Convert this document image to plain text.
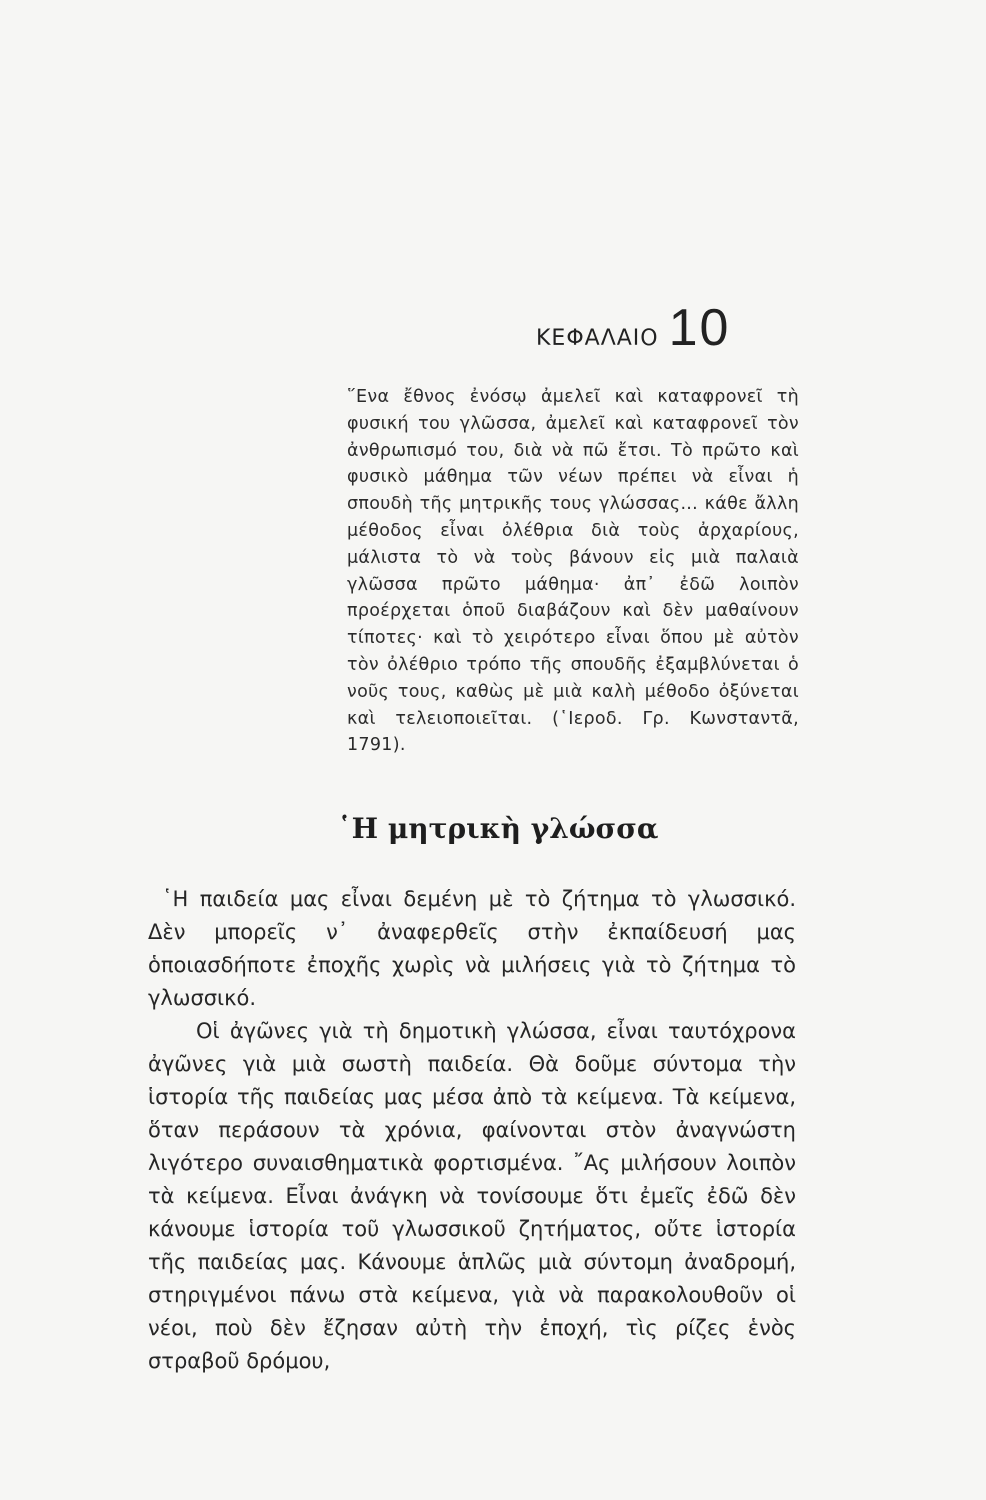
ΚΕΦΑΛΑΙΟ 10

῞Ενα ἔθνος ἐνόσῳ ἀμελεῖ καὶ καταφρονεῖ τὴ φυσική του γλῶσσα, ἀμελεῖ καὶ καταφρονεῖ τὸν ἀνθρωπισμό του, διὰ νὰ πῶ ἔτσι. Τὸ πρῶτο καὶ φυσικὸ μάθημα τῶν νέων πρέπει νὰ εἶναι ἡ σπουδὴ τῆς μητρικῆς τους γλώσσας... κάθε ἄλλη μέθοδος εἶναι ὀλέθρια διὰ τοὺς ἀρχαρίους, μάλιστα τὸ νὰ τοὺς βάνουν εἰς μιὰ παλαιὰ γλῶσσα πρῶτο μάθημα· ἀπ᾽ ἐδῶ λοιπὸν προέρχεται ὁποῦ διαβάζουν καὶ δὲν μαθαίνουν τίποτες· καὶ τὸ χειρότερο εἶναι ὅπου μὲ αὐτὸν τὸν ὀλέθριο τρόπο τῆς σπουδῆς ἐξαμβλύνεται ὁ νοῦς τους, καθὼς μὲ μιὰ καλὴ μέθοδο ὀξύνεται καὶ τελειοποιεῖται. (῾Ιεροδ. Γρ. Κωνσταντᾶ, 1791).

῾Η μητρικὴ γλώσσα

῾Η παιδεία μας εἶναι δεμένη μὲ τὸ ζήτημα τὸ γλωσσικό. Δὲν μπορεῖς ν᾽ ἀναφερθεῖς στὴν ἐκπαίδευσή μας ὁποιασδήποτε ἐποχῆς χωρὶς νὰ μιλήσεις γιὰ τὸ ζήτημα τὸ γλωσσικό.

Οἱ ἀγῶνες γιὰ τὴ δημοτικὴ γλώσσα, εἶναι ταυτόχρονα ἀγῶνες γιὰ μιὰ σωστὴ παιδεία. Θὰ δοῦμε σύντομα τὴν ἱστορία τῆς παιδείας μας μέσα ἀπὸ τὰ κείμενα. Τὰ κείμενα, ὅταν περάσουν τὰ χρόνια, φαίνονται στὸν ἀναγνώστη λιγότερο συναισθηματικὰ φορτισμένα. ῎Ας μιλήσουν λοιπὸν τὰ κείμενα. Εἶναι ἀνάγκη νὰ τονίσουμε ὅτι ἐμεῖς ἐδῶ δὲν κάνουμε ἱστορία τοῦ γλωσσικοῦ ζητήματος, οὔτε ἱστορία τῆς παιδείας μας. Κάνουμε ἁπλῶς μιὰ σύντομη ἀναδρομή, στηριγμένοι πάνω στὰ κείμενα, γιὰ νὰ παρακολουθοῦν οἱ νέοι, ποὺ δὲν ἔζησαν αὐτὴ τὴν ἐποχή, τὶς ρίζες ἑνὸς στραβοῦ δρόμου,
